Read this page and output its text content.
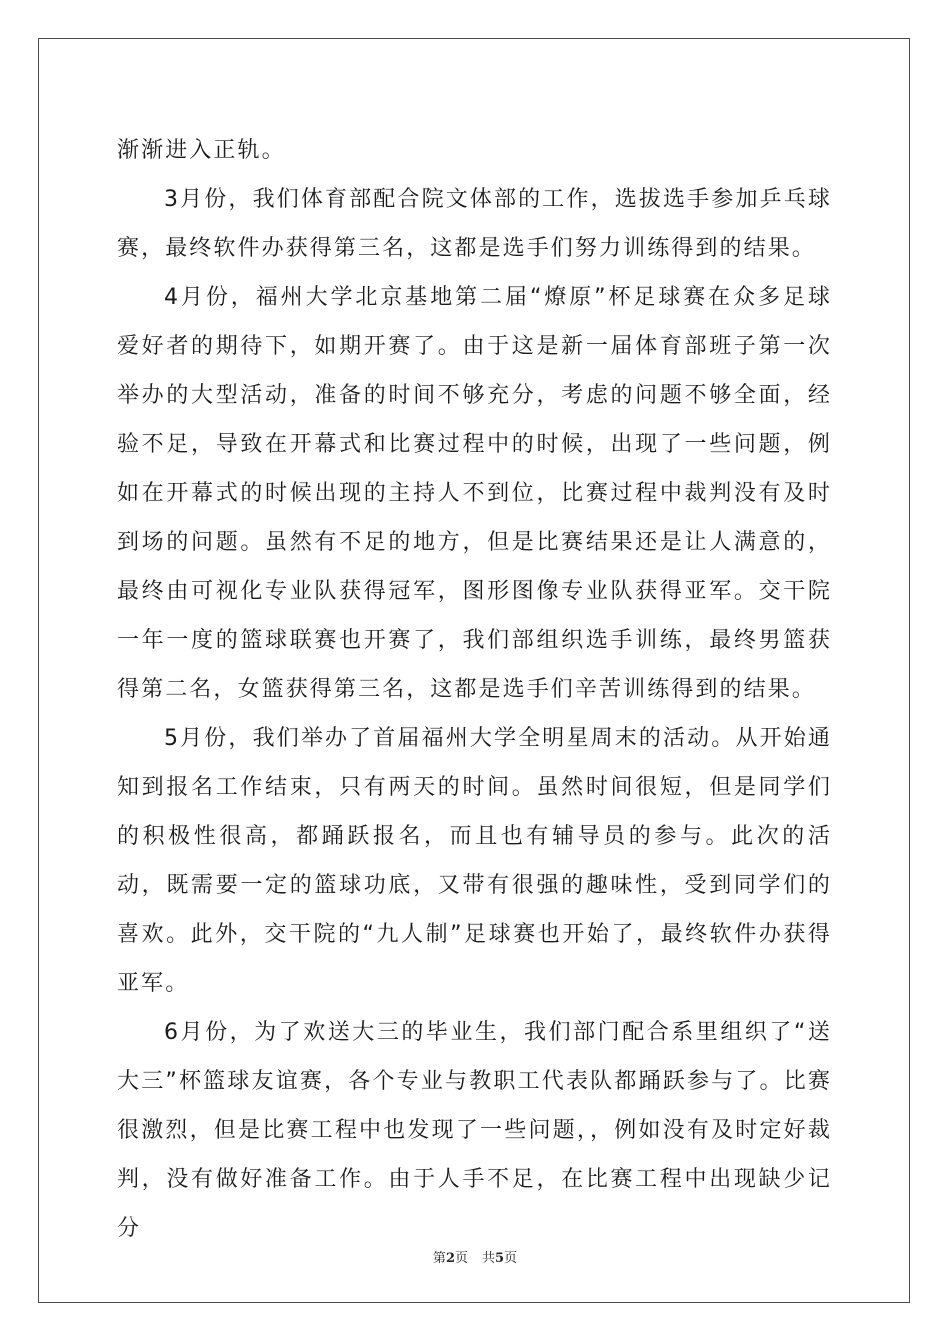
渐渐进入正轨。

3月份，我们体育部配合院文体部的工作，选拔选手参加乒乓球赛，最终软件办获得第三名，这都是选手们努力训练得到的结果。

4月份，福州大学北京基地第二届“燎原”杯足球赛在众多足球爱好者的期待下，如期开赛了。由于这是新一届体育部班子第一次举办的大型活动，准备的时间不够充分，考虑的问题不够全面，经验不足，导致在开幕式和比赛过程中的时候，出现了一些问题，例如在开幕式的时候出现的主持人不到位，比赛过程中裁判没有及时到场的问题。虽然有不足的地方，但是比赛结果还是让人满意的，最终由可视化专业队获得冠军，图形图像专业队获得亚军。交干院一年一度的篮球联赛也开赛了，我们部组织选手训练，最终男篮获得第二名，女篮获得第三名，这都是选手们辛苦训练得到的结果。

5月份，我们举办了首届福州大学全明星周末的活动。从开始通知到报名工作结束，只有两天的时间。虽然时间很短，但是同学们的积极性很高，都踊跃报名，而且也有辅导员的参与。此次的活动，既需要一定的篮球功底，又带有很强的趣味性，受到同学们的喜欢。此外，交干院的“九人制”足球赛也开始了，最终软件办获得亚军。

6月份，为了欢送大三的毕业生，我们部门配合系里组织了“送大三”杯篮球友谊赛，各个专业与教职工代表队都踊跃参与了。比赛很激烈，但是比赛工程中也发现了一些问题，，例如没有及时定好裁判，没有做好准备工作。由于人手不足，在比赛工程中出现缺少记分

第2页 共5页
